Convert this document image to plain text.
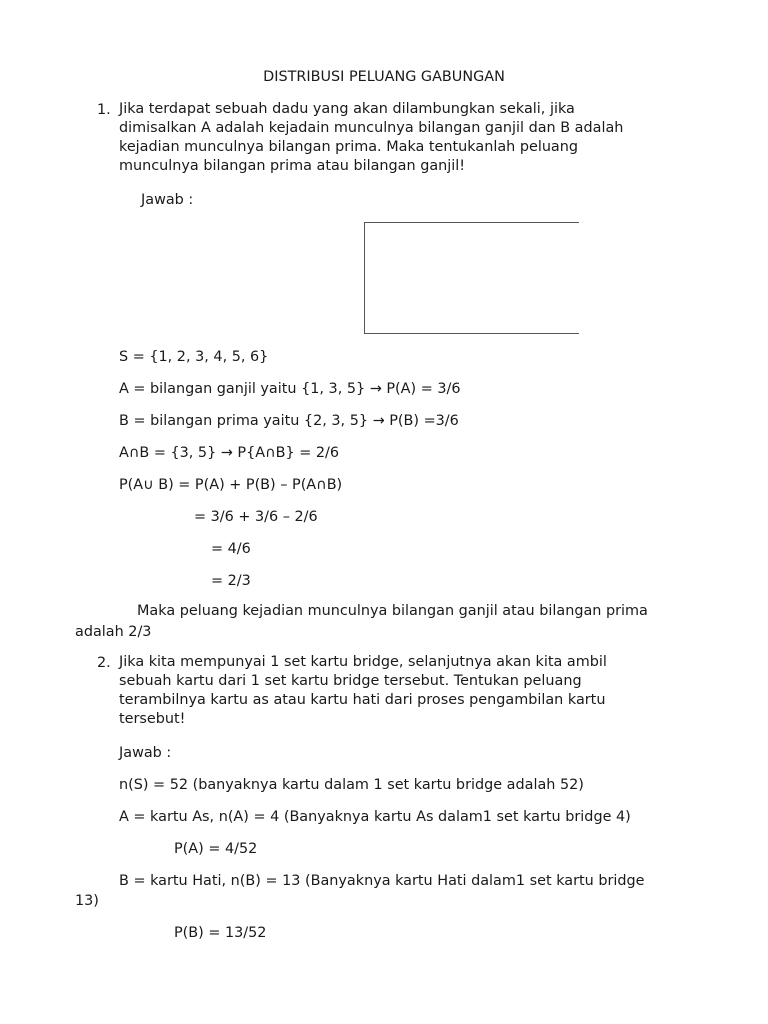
DISTRIBUSI PELUANG GABUNGAN
1. Jika terdapat sebuah dadu yang akan dilambungkan sekali, jika
dimisalkan A adalah kejadain munculnya bilangan ganjil dan B adalah
kejadian munculnya bilangan prima. Maka tentukanlah peluang
munculnya bilangan prima atau bilangan ganjil!
Jawab :
S = {1, 2, 3, 4, 5, 6}
A = bilangan ganjil yaitu {1, 3, 5} → P(A) = 3/6
B = bilangan prima yaitu {2, 3, 5} → P(B) =3/6
A∩B = {3, 5} → P{A∩B} = 2/6
P(A∪ B) = P(A) + P(B) – P(A∩B)
= 3/6 + 3/6 – 2/6
= 4/6
= 2/3
Maka peluang kejadian munculnya bilangan ganjil atau bilangan prima
adalah 2/3
2. Jika kita mempunyai 1 set kartu bridge, selanjutnya akan kita ambil
sebuah kartu dari 1 set kartu bridge tersebut. Tentukan peluang
terambilnya kartu as atau kartu hati dari proses pengambilan kartu
tersebut!
Jawab :
n(S) = 52 (banyaknya kartu dalam 1 set kartu bridge adalah 52)
A = kartu As, n(A) = 4 (Banyaknya kartu As dalam1 set kartu bridge 4)
P(A) = 4/52
B = kartu Hati, n(B) = 13 (Banyaknya kartu Hati dalam1 set kartu bridge
13)
P(B) = 13/52
